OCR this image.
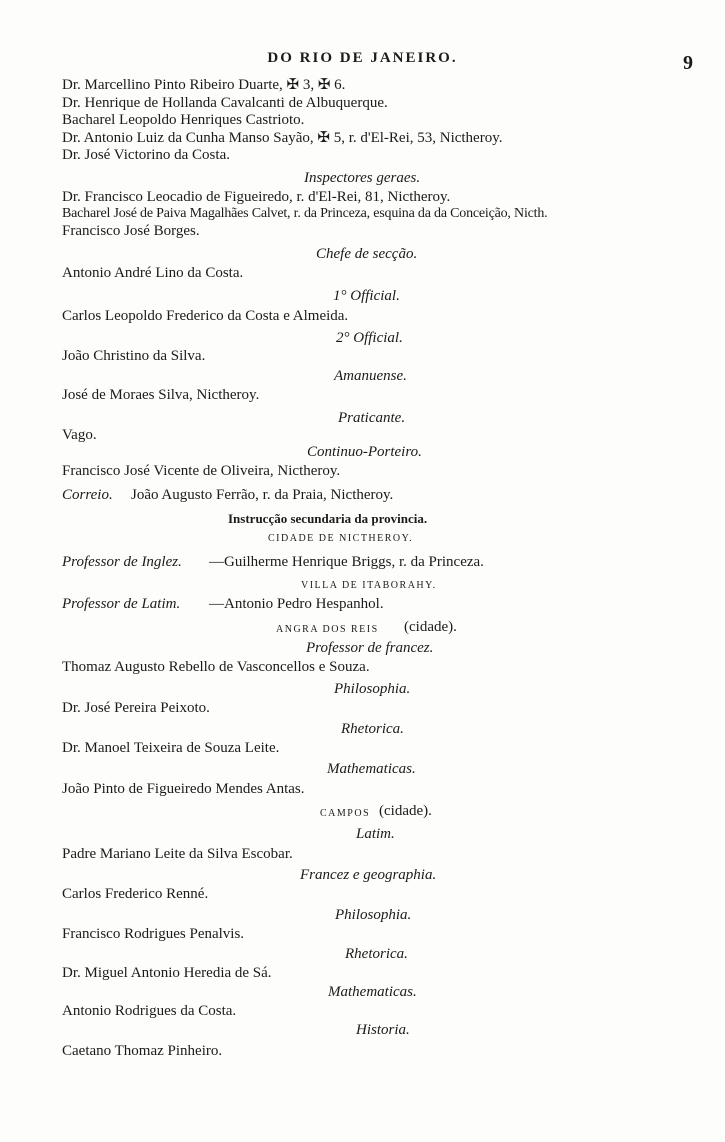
DO RIO DE JANEIRO.	9
Dr. Marcellino Pinto Ribeiro Duarte, ✠ 3, ✠ 6.
Dr. Henrique de Hollanda Cavalcanti de Albuquerque.
Bacharel Leopoldo Henriques Castrioto.
Dr. Antonio Luiz da Cunha Manso Sayão, ✠ 5, r. d'El-Rei, 53, Nictheroy.
Dr. José Victorino da Costa.
Inspectores geraes.
Dr. Francisco Leocadio de Figueiredo, r. d'El-Rei, 81, Nictheroy.
Bacharel José de Paiva Magalhães Calvet, r. da Princeza, esquina da da Conceição, Nicth.
Francisco José Borges.
Chefe de secção.
Antonio André Lino da Costa.
1° Official.
Carlos Leopoldo Frederico da Costa e Almeida.
2° Official.
João Christino da Silva.
Amanuense.
José de Moraes Silva, Nictheroy.
Praticante.
Vago.
Continuo-Porteiro.
Francisco José Vicente de Oliveira, Nictheroy.
Correio. João Augusto Ferrão, r. da Praia, Nictheroy.
Instrucção secundaria da provincia.
CIDADE DE NICTHEROY.
Professor de Inglez. —Guilherme Henrique Briggs, r. da Princeza.
VILLA DE ITABORAHY.
Professor de Latim. —Antonio Pedro Hespanhol.
ANGRA DOS REIS (cidade).
Professor de francez.
Thomaz Augusto Rebello de Vasconcellos e Souza.
Philosophia.
Dr. José Pereira Peixoto.
Rhetorica.
Dr. Manoel Teixeira de Souza Leite.
Mathematicas.
João Pinto de Figueiredo Mendes Antas.
CAMPOS (cidade).
Latim.
Padre Mariano Leite da Silva Escobar.
Francez e geographia.
Carlos Frederico Renné.
Philosophia.
Francisco Rodrigues Penalvis.
Rhetorica.
Dr. Miguel Antonio Heredia de Sá.
Mathematicas.
Antonio Rodrigues da Costa.
Historia.
Caetano Thomaz Pinheiro.
